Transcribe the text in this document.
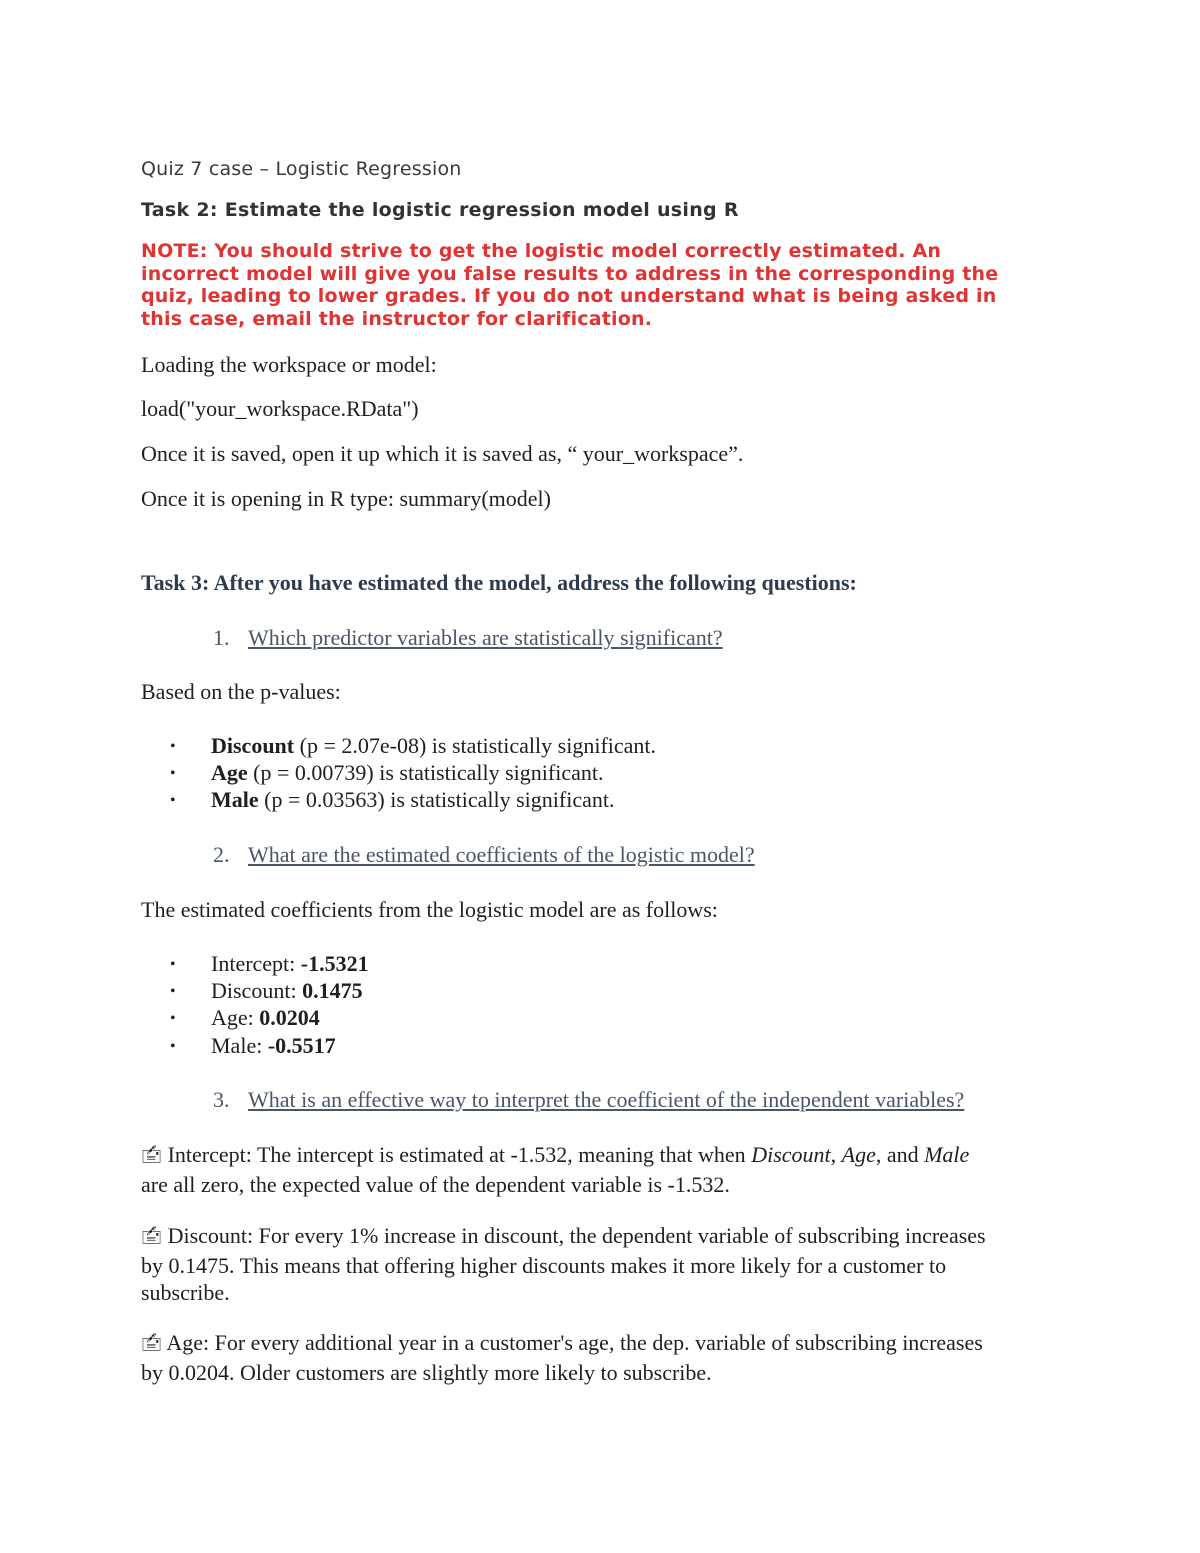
Quiz 7 case – Logistic Regression
Task 2: Estimate the logistic regression model using R
NOTE: You should strive to get the logistic model correctly estimated. An
incorrect model will give you false results to address in the corresponding the
quiz, leading to lower grades. If you do not understand what is being asked in
this case, email the instructor for clarification.
Loading the workspace or model:
load("your_workspace.RData")
Once it is saved, open it up which it is saved as, “ your_workspace”.
Once it is opening in R type: summary(model)
Task 3: After you have estimated the model, address the following questions:
1. Which predictor variables are statistically significant?
Based on the p-values:
• Discount (p = 2.07e-08) is statistically significant.
• Age (p = 0.00739) is statistically significant.
• Male (p = 0.03563) is statistically significant.
2. What are the estimated coefficients of the logistic model?
The estimated coefficients from the logistic model are as follows:
• Intercept: -1.5321
• Discount: 0.1475
• Age: 0.0204
• Male: -0.5517
3. What is an effective way to interpret the coefficient of the independent variables?
🖆 Intercept: The intercept is estimated at -1.532, meaning that when Discount, Age, and Male
are all zero, the expected value of the dependent variable is -1.532.
🖆 Discount: For every 1% increase in discount, the dependent variable of subscribing increases
by 0.1475. This means that offering higher discounts makes it more likely for a customer to
subscribe.
🖆 Age: For every additional year in a customer's age, the dep. variable of subscribing increases
by 0.0204. Older customers are slightly more likely to subscribe.
